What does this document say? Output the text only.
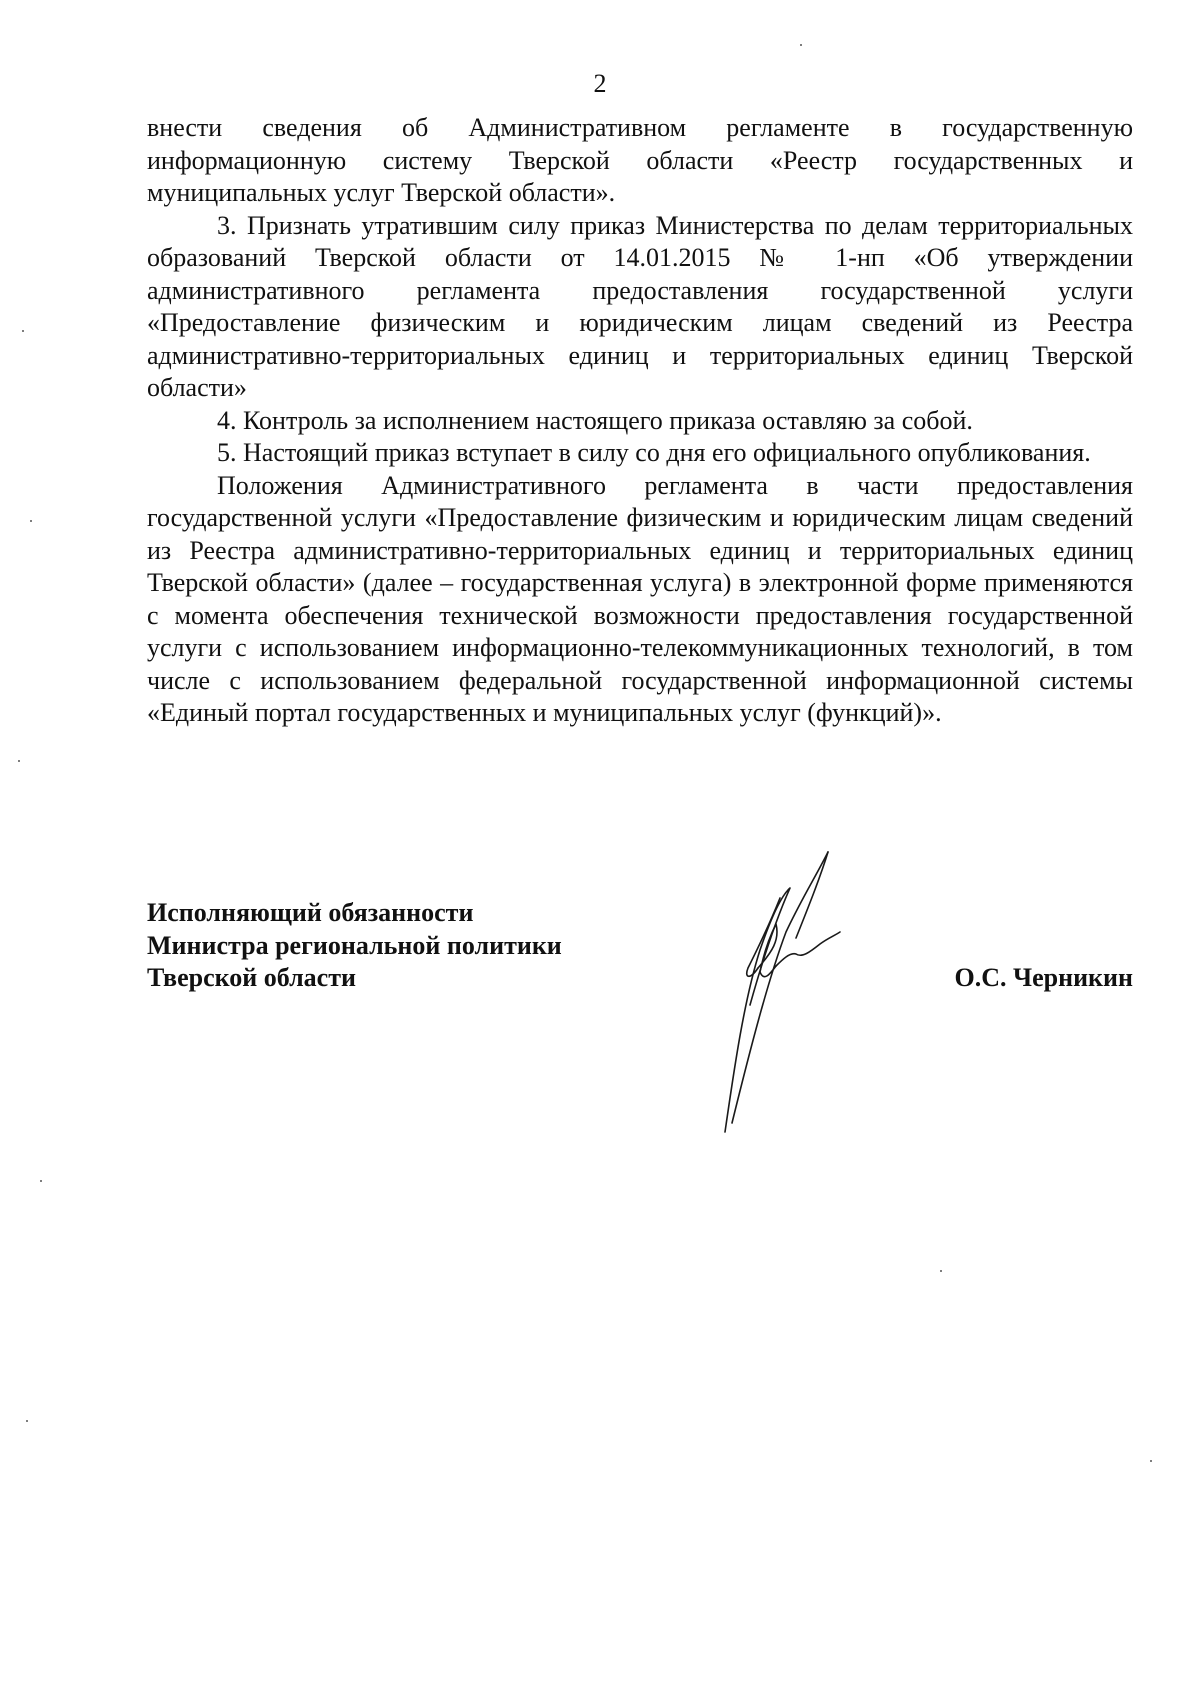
2

внести сведения об Административном регламенте в государственную информационную систему Тверской области «Реестр государственных и муниципальных услуг Тверской области».

3. Признать утратившим силу приказ Министерства по делам территориальных образований Тверской области от 14.01.2015 № 1-нп «Об утверждении административного регламента предоставления государственной услуги «Предоставление физическим и юридическим лицам сведений из Реестра административно-территориальных единиц и территориальных единиц Тверской области»

4. Контроль за исполнением настоящего приказа оставляю за собой.

5. Настоящий приказ вступает в силу со дня его официального опубликования.

Положения Административного регламента в части предоставления государственной услуги «Предоставление физическим и юридическим лицам сведений из Реестра административно-территориальных единиц и территориальных единиц Тверской области» (далее – государственная услуга) в электронной форме применяются с момента обеспечения технической возможности предоставления государственной услуги с использованием информационно-телекоммуникационных технологий, в том числе с использованием федеральной государственной информационной системы «Единый портал государственных и муниципальных услуг (функций)».

Исполняющий обязанности
Министра региональной политики
Тверской области	О.С. Черникин
